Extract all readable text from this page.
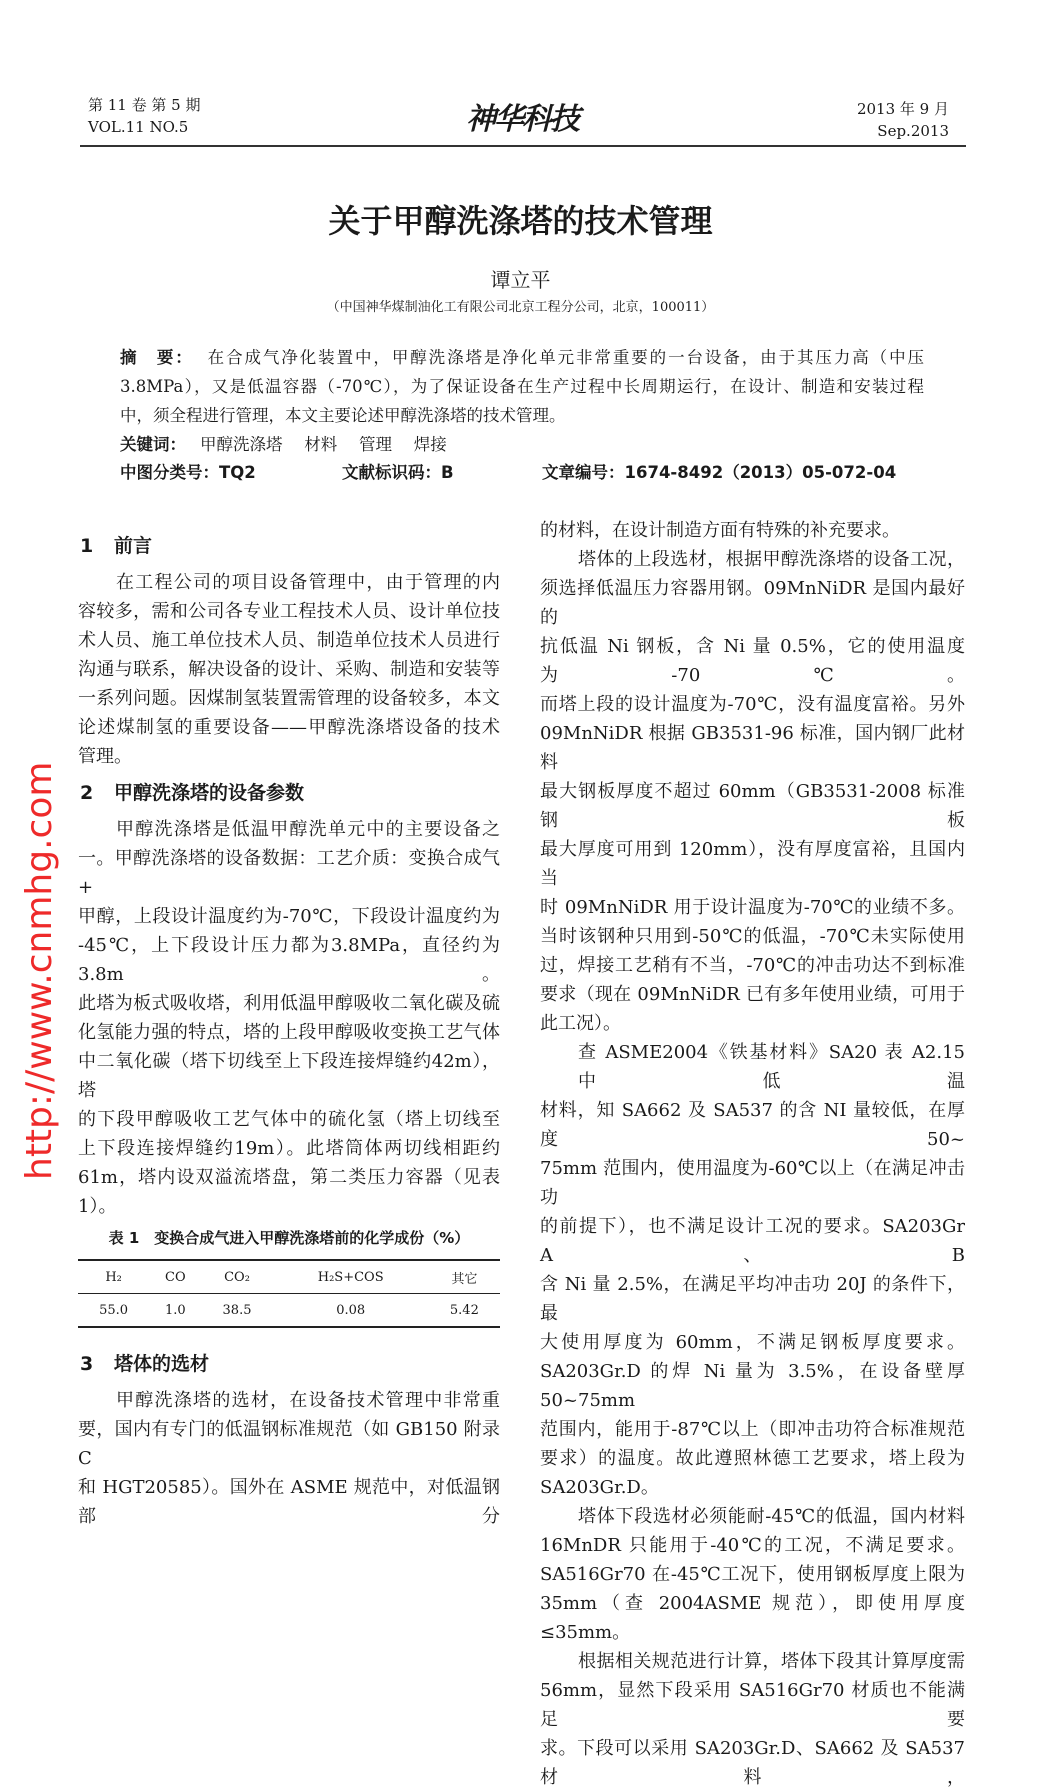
第 11 卷 第 5 期
VOL.11 NO.5	神华科技	2013 年 9 月
Sep.2013
关于甲醇洗涤塔的技术管理
谭立平
（中国神华煤制油化工有限公司北京工程分公司，北京，100011）
摘　要： 在合成气净化装置中，甲醇洗涤塔是净化单元非常重要的一台设备，由于其压力高（中压
3.8MPa），又是低温容器（-70℃），为了保证设备在生产过程中长周期运行，在设计、制造和安装过程
中，须全程进行管理，本文主要论述甲醇洗涤塔的技术管理。
关键词： 甲醇洗涤塔　 材料　 管理　 焊接
中图分类号：TQ2	文献标识码：B	文章编号：1674-8492（2013）05-072-04
1 前言
在工程公司的项目设备管理中，由于管理的内
容较多，需和公司各专业工程技术人员、设计单位技
术人员、施工单位技术人员、制造单位技术人员进行
沟通与联系，解决设备的设计、采购、制造和安装等
一系列问题。因煤制氢装置需管理的设备较多，本文
论述煤制氢的重要设备——甲醇洗涤塔设备的技术
管理。
2 甲醇洗涤塔的设备参数
甲醇洗涤塔是低温甲醇洗单元中的主要设备之
一。甲醇洗涤塔的设备数据：工艺介质：变换合成气+
甲醇，上段设计温度约为-70℃，下段设计温度约为
-45℃，上下段设计压力都为3.8MPa，直径约为3.8m。
此塔为板式吸收塔，利用低温甲醇吸收二氧化碳及硫
化氢能力强的特点，塔的上段甲醇吸收变换工艺气体
中二氧化碳（塔下切线至上下段连接焊缝约42m），塔
的下段甲醇吸收工艺气体中的硫化氢（塔上切线至
上下段连接焊缝约19m）。此塔筒体两切线相距约
61m，塔内设双溢流塔盘，第二类压力容器（见表1）。
表 1　变换合成气进入甲醇洗涤塔前的化学成份（%）
H₂	CO	CO₂	H₂S+COS	其它
55.0	1.0	38.5	0.08	5.42
3 塔体的选材
甲醇洗涤塔的选材，在设备技术管理中非常重
要，国内有专门的低温钢标准规范（如 GB150 附录 C
和 HGT20585）。国外在 ASME 规范中，对低温钢部分
的材料，在设计制造方面有特殊的补充要求。
塔体的上段选材，根据甲醇洗涤塔的设备工况，
须选择低温压力容器用钢。09MnNiDR 是国内最好的
抗低温 Ni 钢板，含 Ni 量 0.5%，它的使用温度为-70℃。
而塔上段的设计温度为-70℃，没有温度富裕。另外
09MnNiDR 根据 GB3531-96 标准，国内钢厂此材料
最大钢板厚度不超过 60mm（GB3531-2008 标准钢板
最大厚度可用到 120mm），没有厚度富裕，且国内当
时 09MnNiDR 用于设计温度为-70℃的业绩不多。
当时该钢种只用到-50℃的低温，-70℃未实际使用
过，焊接工艺稍有不当，-70℃的冲击功达不到标准
要求（现在 09MnNiDR 已有多年使用业绩，可用于
此工况）。
查 ASME2004《铁基材料》SA20 表 A2.15 中低温
材料，知 SA662 及 SA537 的含 NI 量较低，在厚度50~
75mm 范围内，使用温度为-60℃以上（在满足冲击功
的前提下），也不满足设计工况的要求。SA203Gr A、B
含 Ni 量 2.5%，在满足平均冲击功 20J 的条件下，最
大使用厚度为 60mm，不满足钢板厚度要求。
SA203Gr.D 的焊 Ni 量为 3.5%，在设备壁厚 50~75mm
范围内，能用于-87℃以上（即冲击功符合标准规范
要求）的温度。故此遵照林德工艺要求，塔上段为
SA203Gr.D。
塔体下段选材必须能耐-45℃的低温，国内材料
16MnDR 只能用于-40℃的工况，不满足要求。
SA516Gr70 在-45℃工况下，使用钢板厚度上限为
35mm（查 2004ASME 规范），即使用厚度≤35mm。
根据相关规范进行计算，塔体下段其计算厚度需
56mm，显然下段采用 SA516Gr70 材质也不能满足要
求。下段可以采用 SA203Gr.D、SA662 及 SA537 材料，
http://www.cnmhg.com
